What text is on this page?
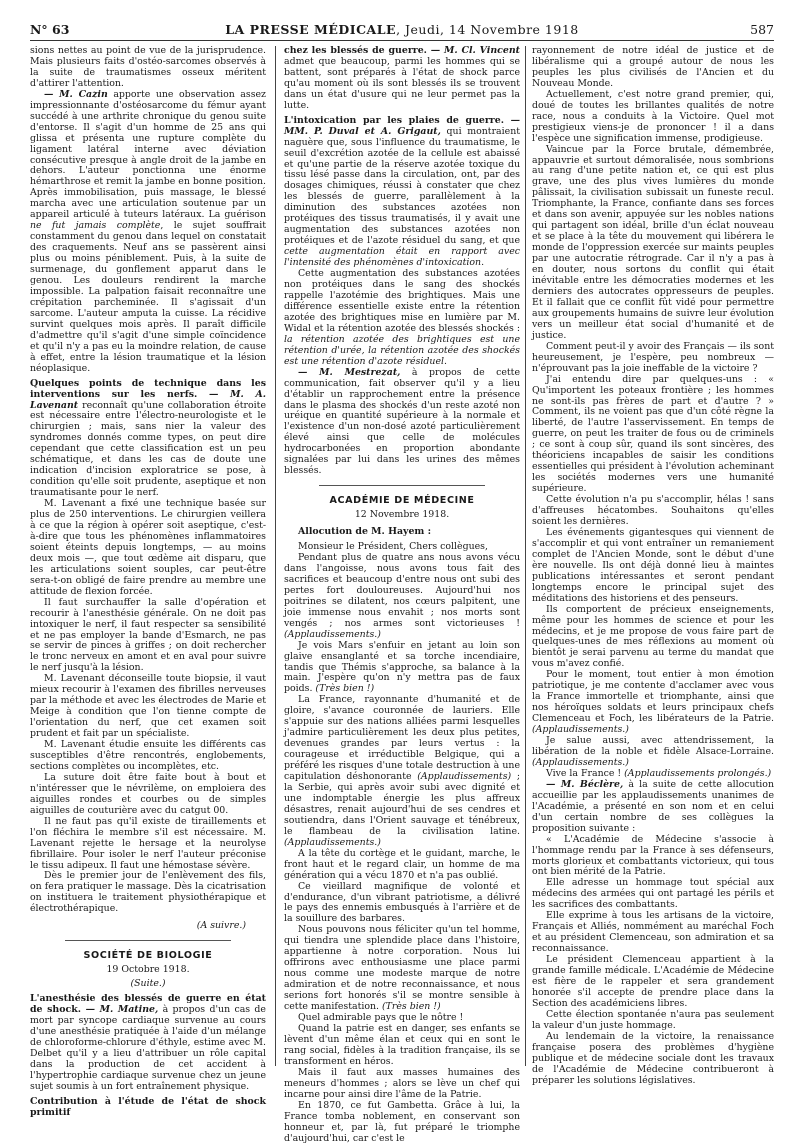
N° 63	LA PRESSE MÉDICALE, Jeudi, 14 Novembre 1918	587

sions nettes au point de vue de la jurisprudence. Mais plusieurs faits d'ostéo-sarcomes observés à la suite de traumatismes osseux méritent d'attirer l'attention.

— M. Cazin apporte une observation assez impressionnante d'ostéosarcome du fémur ayant succédé à une arthrite chronique du genou suite d'entorse. Il s'agit d'un homme de 25 ans qui glissa et présenta une rupture complète du ligament latéral interne avec déviation consécutive presque à angle droit de la jambe en dehors. L'auteur ponctionna une énorme hémarthrose et remit la jambe en bonne position. Après immobilisation, puis massage, le blessé marcha avec une articulation soutenue par un appareil articulé à tuteurs latéraux. La guérison ne fut jamais complète, le sujet souffrait constamment du genou dans lequel on constatait des craquements. Neuf ans se passèrent ainsi plus ou moins péniblement. Puis, à la suite de surmenage, du gonflement apparut dans le genou. Les douleurs rendirent la marche impossible. La palpation faisait reconnaître une crépitation parcheminée. Il s'agissait d'un sarcome. L'auteur amputa la cuisse. La récidive survint quelques mois après. Il paraît difficile d'admettre qu'il s'agit d'une simple coïncidence et qu'il n'y a pas eu la moindre relation, de cause à effet, entre la lésion traumatique et la lésion néoplasique.

Quelques points de technique dans les interventions sur les nerfs. — M. A. Lavenant reconnaît qu'une collaboration étroite est nécessaire entre l'électro-neurologiste et le chirurgien ; mais, sans nier la valeur des syndromes donnés comme types, on peut dire cependant que cette classification est un peu schématique, et dans les cas de doute une indication d'incision exploratrice se pose, à condition qu'elle soit prudente, aseptique et non traumatisante pour le nerf.

M. Lavenant a fixé une technique basée sur plus de 250 interventions. Le chirurgien veillera à ce que la région à opérer soit aseptique, c'est-à-dire que tous les phénomènes inflammatoires soient éteints depuis longtemps, — au moins deux mois —, que tout œdème ait disparu, que les articulations soient souples, car peut-être sera-t-on obligé de faire prendre au membre une attitude de flexion forcée.

Il faut surchauffer la salle d'opération et recourir à l'anesthésie générale. On ne doit pas intoxiquer le nerf, il faut respecter sa sensibilité et ne pas employer la bande d'Esmarch, ne pas se servir de pinces à griffes ; on doit rechercher le tronc nerveux en amont et en aval pour suivre le nerf jusqu'à la lésion.

M. Lavenant déconseille toute biopsie, il vaut mieux recourir à l'examen des fibrilles nerveuses par la méthode et avec les électrodes de Marie et Meige à condition que l'on tienne compte de l'orientation du nerf, que cet examen soit prudent et fait par un spécialiste.

M. Lavenant étudie ensuite les différents cas susceptibles d'être rencontrés, englobements, sections complètes ou incomplètes, etc.

La suture doit être faite bout à bout et n'intéresser que le névrilème, on emploiera des aiguilles rondes et courbes ou de simples aiguilles de couturière avec du catgut 00.

Il ne faut pas qu'il existe de tiraillements et l'on fléchira le membre s'il est nécessaire. M. Lavenant rejette le hersage et la neurolyse fibrillaire. Pour isoler le nerf l'auteur préconise le tissu adipeux. Il faut une hémostase sévère.

Dès le premier jour de l'enlèvement des fils, on fera pratiquer le massage. Dès la cicatrisation on instituera le traitement physiothérapique et électrothérapique.

(A suivre.)
SOCIÉTÉ DE BIOLOGIE
19 Octobre 1918.
(Suite.)

L'anesthésie des blessés de guerre en état de shock. — M. Matine, à propos d'un cas de mort par syncope cardiaque survenue au cours d'une anesthésie pratiquée à l'aide d'un mélange de chloroforme-chlorure d'éthyle, estime avec M. Delbet qu'il y a lieu d'attribuer un rôle capital dans la production de cet accident à l'hypertrophie cardiaque survenue chez un jeune sujet soumis à un fort entraînement physique.

Contribution à l'étude de l'état de shock primitif

chez les blessés de guerre. — M. Cl. Vincent admet que beaucoup, parmi les hommes qui se battent, sont préparés à l'état de shock parce qu'au moment où ils sont blessés ils se trouvent dans un état d'usure qui ne leur permet pas la lutte.

L'intoxication par les plaies de guerre. — MM. P. Duval et A. Grigaut, qui montraient naguère que, sous l'influence du traumatisme, le seuil d'excrétion azotée de la cellule est abaissé et qu'une partie de la réserve azotée toxique du tissu lésé passe dans la circulation, ont, par des dosages chimiques, réussi à constater que chez les blessés de guerre, parallèlement à la diminution des substances azotées non protéiques des tissus traumatisés, il y avait une augmentation des substances azotées non protéiques et de l'azote résiduel du sang, et que cette augmentation était en rapport avec l'intensité des phénomènes d'intoxication.

Cette augmentation des substances azotées non protéiques dans le sang des shockés rappelle l'azotémie des brightiques. Mais une différence essentielle existe entre la rétention azotée des brightiques mise en lumière par M. Widal et la rétention azotée des blessés shockés : la rétention azotée des brightiques est une rétention d'urée, la rétention azotée des shockés est une rétention d'azote résiduel.

— M. Mestrezat, à propos de cette communication, fait observer qu'il y a lieu d'établir un rapprochement entre la présence dans le plasma des shockés d'un reste azoté non uréique en quantité supérieure à la normale et l'existence d'un non-dosé azoté particulièrement élevé ainsi que celle de molécules hydrocarbonées en proportion abondante signalées par lui dans les urines des mêmes blessés.

ACADÉMIE DE MÉDECINE
12 Novembre 1918.

Allocution de M. Hayem :

Monsieur le Président, Chers collègues,

Pendant plus de quatre ans nous avons vécu dans l'angoisse, nous avons tous fait des sacrifices et beaucoup d'entre nous ont subi des pertes fort douloureuses. Aujourd'hui nos poitrines se dilatent, nos cœurs palpitent, une joie immense nous envahit ; nos morts sont vengés ; nos armes sont victorieuses ! (Applaudissements.)

Je vois Mars s'enfuir en jetant au loin son glaive ensanglanté et sa torche incendiaire, tandis que Thémis s'approche, sa balance à la main. J'espère qu'on n'y mettra pas de faux poids. (Très bien !)

La France, rayonnante d'humanité et de gloire, s'avance couronnée de lauriers. Elle s'appuie sur des nations alliées parmi lesquelles j'admire particulièrement les deux plus petites, devenues grandes par leurs vertus : la courageuse et irréductible Belgique, qui a préféré les risques d'une totale destruction à une capitulation déshonorante (Applaudissements) ; la Serbie, qui après avoir subi avec dignité et une indomptable énergie les plus affreux désastres, renait aujourd'hui de ses cendres et soutiendra, dans l'Orient sauvage et ténébreux, le flambeau de la civilisation latine. (Applaudissements.)

A la tête du cortège et le guidant, marche, le front haut et le regard clair, un homme de ma génération qui a vécu 1870 et n'a pas oublié.

Ce vieillard magnifique de volonté et d'endurance, d'un vibrant patriotisme, a délivré le pays des ennemis embusqués à l'arrière et de la souillure des barbares.

Nous pouvons nous féliciter qu'un tel homme, qui tiendra une splendide place dans l'histoire, appartienne à notre corporation. Nous lui offrirons avec enthousiasme une place parmi nous comme une modeste marque de notre admiration et de notre reconnaissance, et nous serions fort honorés s'il se montre sensible à cette manifestation. (Très bien !)

Quel admirable pays que le nôtre !

Quand la patrie est en danger, ses enfants se lèvent d'un même élan et ceux qui en sont le rang social, fidèles à la tradition française, ils se transforment en héros.

Mais il faut aux masses humaines des meneurs d'hommes ; alors se lève un chef qui incarne pour ainsi dire l'âme de la Patrie.

En 1870, ce fut Gambetta. Grâce à lui, la France tomba noblement, en conservant son honneur et, par là, fut préparé le triomphe d'aujourd'hui, car c'est le

rayonnement de notre idéal de justice et de libéralisme qui a groupé autour de nous les peuples les plus civilisés de l'Ancien et du Nouveau Monde.

Actuellement, c'est notre grand premier, qui, doué de toutes les brillantes qualités de notre race, nous a conduits à la Victoire. Quel mot prestigieux viens-je de prononcer ! il a dans l'espèce une signification immense, prodigieuse.

Vaincue par la Force brutale, démembrée, appauvrie et surtout démoralisée, nous sombrions au rang d'une petite nation et, ce qui est plus grave, une des plus vives lumières du monde pâlissait, la civilisation subissait un funeste recul. Triomphante, la France, confiante dans ses forces et dans son avenir, appuyée sur les nobles nations qui partagent son idéal, brille d'un éclat nouveau et se place à la tête du mouvement qui libérera le monde de l'oppression exercée sur maints peuples par une autocratie rétrograde. Car il n'y a pas à en douter, nous sortons du conflit qui était inévitable entre les démocraties modernes et les derniers des autocrates oppresseurs de peuples. Et il fallait que ce conflit fût vidé pour permettre aux groupements humains de suivre leur évolution vers un meilleur état social d'humanité et de justice.

Comment peut-il y avoir des Français — ils sont heureusement, je l'espère, peu nombreux — n'éprouvant pas la joie ineffable de la victoire ?

J'ai entendu dire par quelques-uns : « Qu'importent les poteaux frontière ; les hommes ne sont-ils pas frères de part et d'autre ? » Comment, ils ne voient pas que d'un côté règne la liberté, de l'autre l'asservissement. En temps de guerre, on peut les traiter de fous ou de criminels ; ce sont à coup sûr, quand ils sont sincères, des théoriciens incapables de saisir les conditions essentielles qui président à l'évolution acheminant les sociétés modernes vers une humanité supérieure.

Cette évolution n'a pu s'accomplir, hélas ! sans d'affreuses hécatombes. Souhaitons qu'elles soient les dernières.

Les événements gigantesques qui viennent de s'accomplir et qui vont entraîner un remaniement complet de l'Ancien Monde, sont le début d'une ère nouvelle. Ils ont déjà donné lieu à maintes publications intéressantes et seront pendant longtemps encore le principal sujet des méditations des historiens et des penseurs.

Ils comportent de précieux enseignements, même pour les hommes de science et pour les médecins, et je me propose de vous faire part de quelques-unes de mes réflexions au moment où bientôt je serai parvenu au terme du mandat que vous m'avez confié.

Pour le moment, tout entier à mon émotion patriotique, je me contente d'acclamer avec vous la France immortelle et triomphante, ainsi que nos héroïques soldats et leurs principaux chefs Clemenceau et Foch, les libérateurs de la Patrie. (Applaudissements.)

Je salue aussi, avec attendrissement, la libération de la noble et fidèle Alsace-Lorraine. (Applaudissements.)

Vive la France ! (Applaudissements prolongés.)

— M. Béclère, à la suite de cette allocution accueillie par les applaudissements unanimes de l'Académie, a présenté en son nom et en celui d'un certain nombre de ses collègues la proposition suivante :

« L'Académie de Médecine s'associe à l'hommage rendu par la France à ses défenseurs, morts glorieux et combattants victorieux, qui tous ont bien mérité de la Patrie.

Elle adresse un hommage tout spécial aux médecins des armées qui ont partagé les périls et les sacrifices des combattants.

Elle exprime à tous les artisans de la victoire, Français et Alliés, nommément au maréchal Foch et au président Clemenceau, son admiration et sa reconnaissance.

Le président Clemenceau appartient à la grande famille médicale. L'Académie de Médecine est fière de le rappeler et sera grandement honorée s'il accepte de prendre place dans la Section des académiciens libres.

Cette élection spontanée n'aura pas seulement la valeur d'un juste hommage.

Au lendemain de la victoire, la renaissance française posera des problèmes d'hygiène publique et de médecine sociale dont les travaux de l'Académie de Médecine contribueront à préparer les solutions législatives.
